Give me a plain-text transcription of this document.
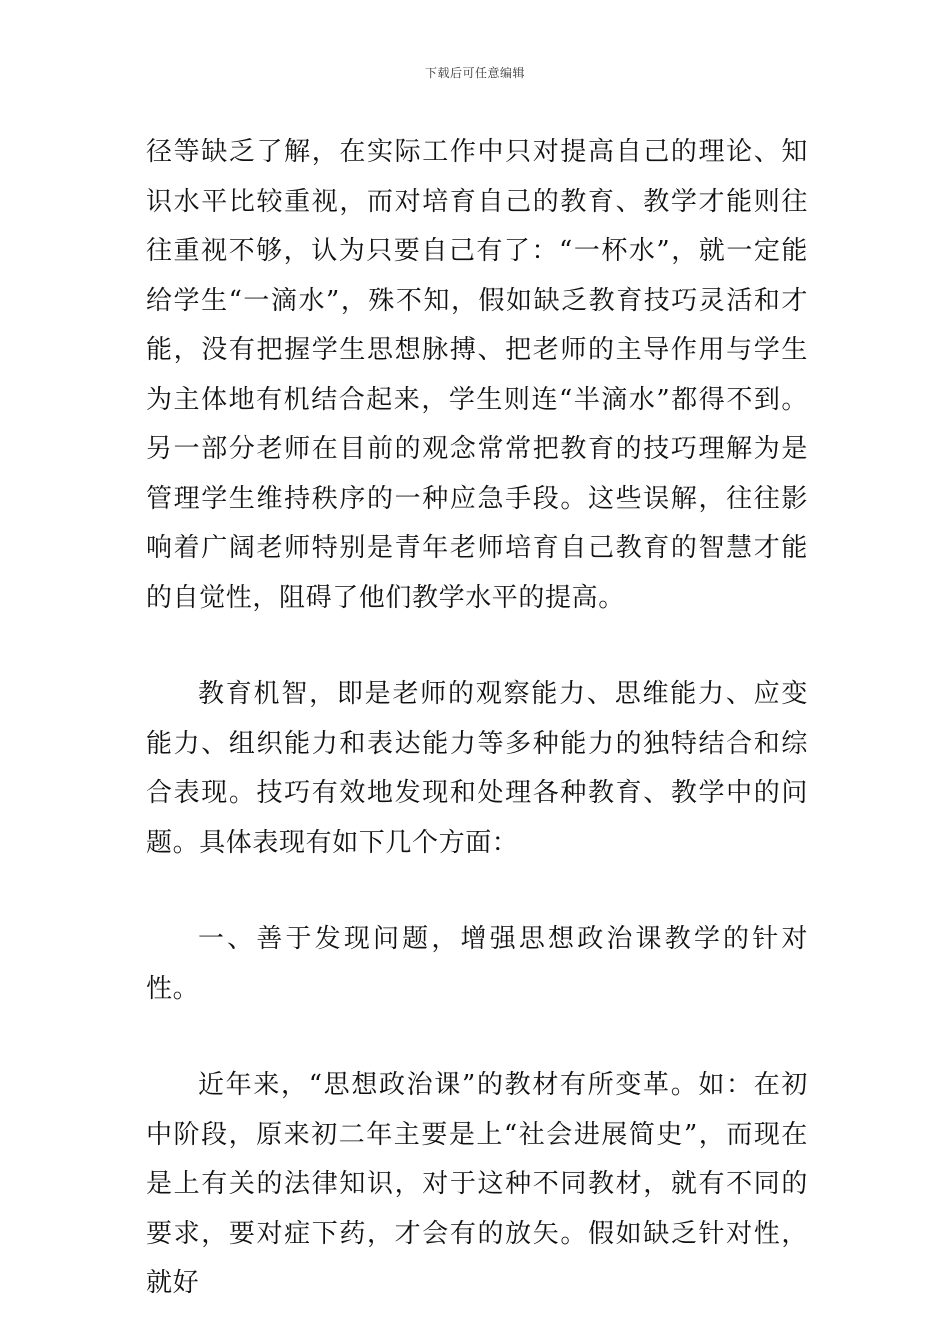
下载后可任意编辑

径等缺乏了解，在实际工作中只对提高自己的理论、知识水平比较重视，而对培育自己的教育、教学才能则往往重视不够，认为只要自己有了：“一杯水”，就一定能给学生“一滴水”，殊不知，假如缺乏教育技巧灵活和才能，没有把握学生思想脉搏、把老师的主导作用与学生为主体地有机结合起来，学生则连“半滴水”都得不到。另一部分老师在目前的观念常常把教育的技巧理解为是管理学生维持秩序的一种应急手段。这些误解，往往影响着广阔老师特别是青年老师培育自己教育的智慧才能的自觉性，阻碍了他们教学水平的提高。

教育机智，即是老师的观察能力、思维能力、应变能力、组织能力和表达能力等多种能力的独特结合和综合表现。技巧有效地发现和处理各种教育、教学中的问题。具体表现有如下几个方面：

一、善于发现问题，增强思想政治课教学的针对性。

近年来，“思想政治课”的教材有所变革。如：在初中阶段，原来初二年主要是上“社会进展简史”，而现在是上有关的法律知识，对于这种不同教材，就有不同的要求，要对症下药，才会有的放矢。假如缺乏针对性，就好
